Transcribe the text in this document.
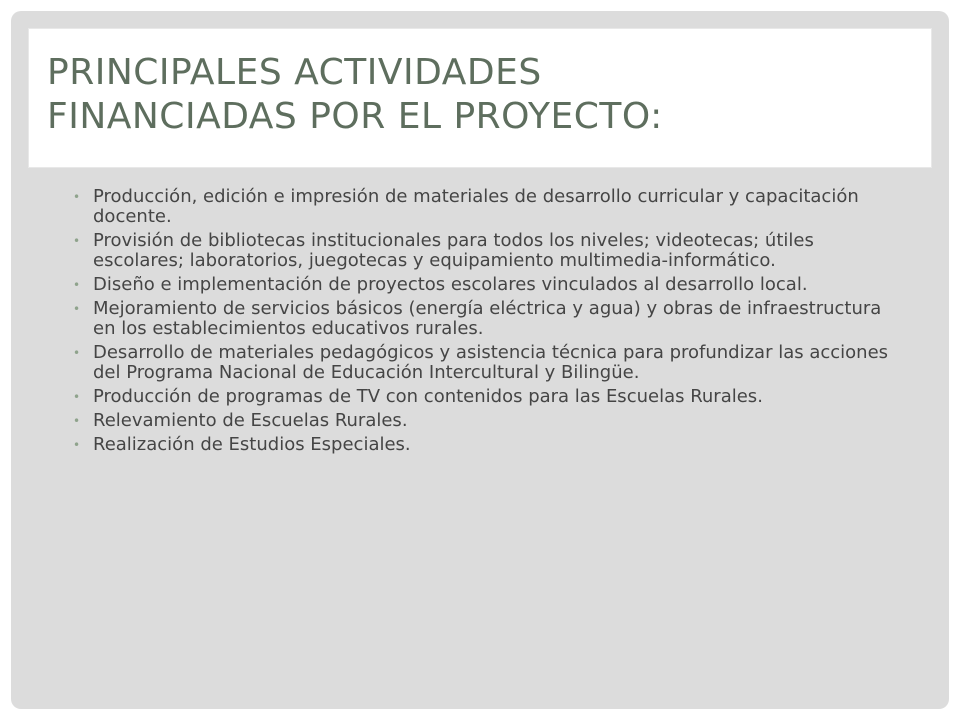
PRINCIPALES ACTIVIDADES
FINANCIADAS POR EL PROYECTO:
• Producción, edición e impresión de materiales de desarrollo curricular y capacitación docente.
• Provisión de bibliotecas institucionales para todos los niveles; videotecas; útiles escolares; laboratorios, juegotecas y equipamiento multimedia-informático.
• Diseño e implementación de proyectos escolares vinculados al desarrollo local.
• Mejoramiento de servicios básicos (energía eléctrica y agua) y obras de infraestructura en los establecimientos educativos rurales.
• Desarrollo de materiales pedagógicos y asistencia técnica para profundizar las acciones del Programa Nacional de Educación Intercultural y Bilingüe.
• Producción de programas de TV con contenidos para las Escuelas Rurales.
• Relevamiento de Escuelas Rurales.
• Realización de Estudios Especiales.
